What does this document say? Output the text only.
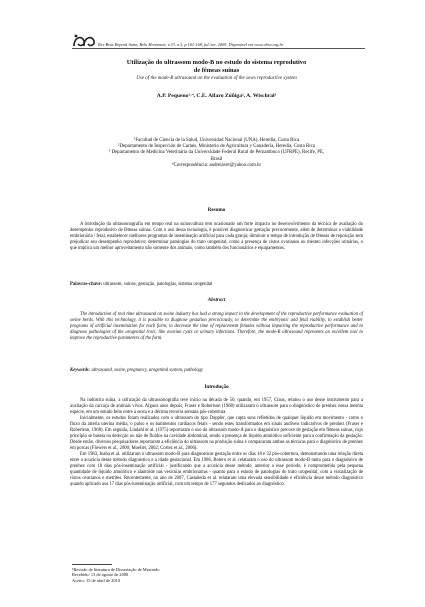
Rev Bras Reprod Anim, Belo Horizonte, v.33, n.3, p.161-168, jul./set. 2009. Disponível em www.cbra.org.br
Utilização do ultrassom modo-B no estudo do sistema reprodutivo
de fêmeas suínas
Use of the mode-B ultrasound on the evaluation of the sows reproductive system
A.P. Pequeno¹·⁴, C.E. Alfaro Zúñiga², A. Wischral³
¹Facultad de Ciencia de la Salud, Universidad Nacional (UNA), Heredia, Costa Rica
²Departamento de Inspección de Carnes, Ministerio de Agricultura y Ganadería, Heredia, Costa Rica
³ Departamento de Medicina Veterinária da Universidade Federal Rural de Pernambuco (UFRPE), Recife, PE,
Brasil
⁴Correspondência: andreiavet@yahoo.com.br
Resumo

A introdução da ultrassonografia em tempo real na suinocultura tem ocasionado um forte impacto no desenvolvimento da técnica de avaliação do desempenho reprodutivo de fêmeas suínas. Com o uso dessa tecnologia, é possível diagnosticar gestação precocemente, além de determinar a viabilidade embrionária / fetal, estabelecer melhores programas de inseminação artificial para cada granja; diminuir o tempo de introdução de fêmeas de reposição sem prejudicar seu desempenho reprodutivo; determinar patologias do trato urogenital, como a presença de cistos ovarianos ou mesmo infecções urinárias, o que implica um melhor aproveitamento não somente dos animais, como também dos funcionários e equipamentos.

Palavras-chave: ultrassom, suínos, gestação, patologias, sistema urogenital
Abstract

The introduction of real time ultrasound on swine industry has had a strong impact in the development of the reproductive performance evaluation of swine herds. With this technology, it is possible to diagnose gestation precociously, to determine the embryonic and fetal viability, to establish better programs of artificial insemination for each farm; to decrease the time of replacement females without impairing the reproductive performance and to diagnose pathologies of the urogenital tract, like ovarian cysts or urinary infections. Therefore, the mode-B ultrasound represents an excellent tool to improve the reproductive parameters of the farm.

Keywords: ultrasound, swine, pregnancy, urogenital system, pathology
Introdução

Na indústria suína, a utilização da ultrassonografia teve início na década de 50, quando, em 1957, Claus, relatou o uso desse instrumento para a avaliação da carcaça de animais vivos. Alguns anos depois, Fraser e Robertson (1968) utilizaram o ultrassom para o diagnóstico de prenhez nessa mesma espécie, em um estudo feito entre a sexta e a décima terceira semana pós-cobertura.

Inicialmente, os estudos foram realizados com o ultrassom do tipo Doppler, que capta sons refletidos de qualquer líquido em movimento - como o fluxo da artéria uterina média, o pulso e os batimentos cardíacos fetais - sendo estes transformados em sinais audíveis indicativos de prenhez (Fraser e Robertson, 1968). Em seguida, Lindahl et al. (1975) reportaram o uso do ultrassom modo-A para o diagnóstico precoce de gestação em fêmeas suínas, cujo princípio se baseia na detecção ou não de fluidos na cavidade abdominal, sendo a presença de líquido amniótico suficiente para a confirmação da gestação. Desde então, diversos pesquisadores reportaram a eficiência do ultrassom na produção suína e compararam ambas as técnicas para o diagnóstico de prenhez em porcas (Flowers et al., 2000; Moeller, 2002; Cortez et al., 2006).

Em 1983, Inaba et al. utilizaram o ultrassom modo-B para diagnosticar gestação entre os dias 18 e 32 pós-cobertura, demonstrando uma relação direta entre a acurácia desse método diagnóstico e a idade gestacional. Em 1986, Botero et al. relataram o uso do ultrassom modo-B tanto para o diagnóstico de prenhez com 18 dias pós-inseminação artificial - justificando que a acurácia desse método, anterior a esse período, é comprometida pela pequena quantidade de líquido amniótico e alantoide nas vesículas embrionárias - quanto para o estudo de patologias do trato urogenital, com a visualização de cistos ovarianos e metrites. Recentemente, no ano de 2007, Castañeda et al. relataram uma elevada sensibilidade e eficiência desse método diagnóstico quando aplicado aos 17 dias pós-inseminação artificial, com um tempo de 177 segundos dedicados ao diagnóstico.

¹Revisão de literatura de Dissertação de Mestrado
Recebido: 13 de agosto de 2008
Aceito: 15 de abril de 2010
